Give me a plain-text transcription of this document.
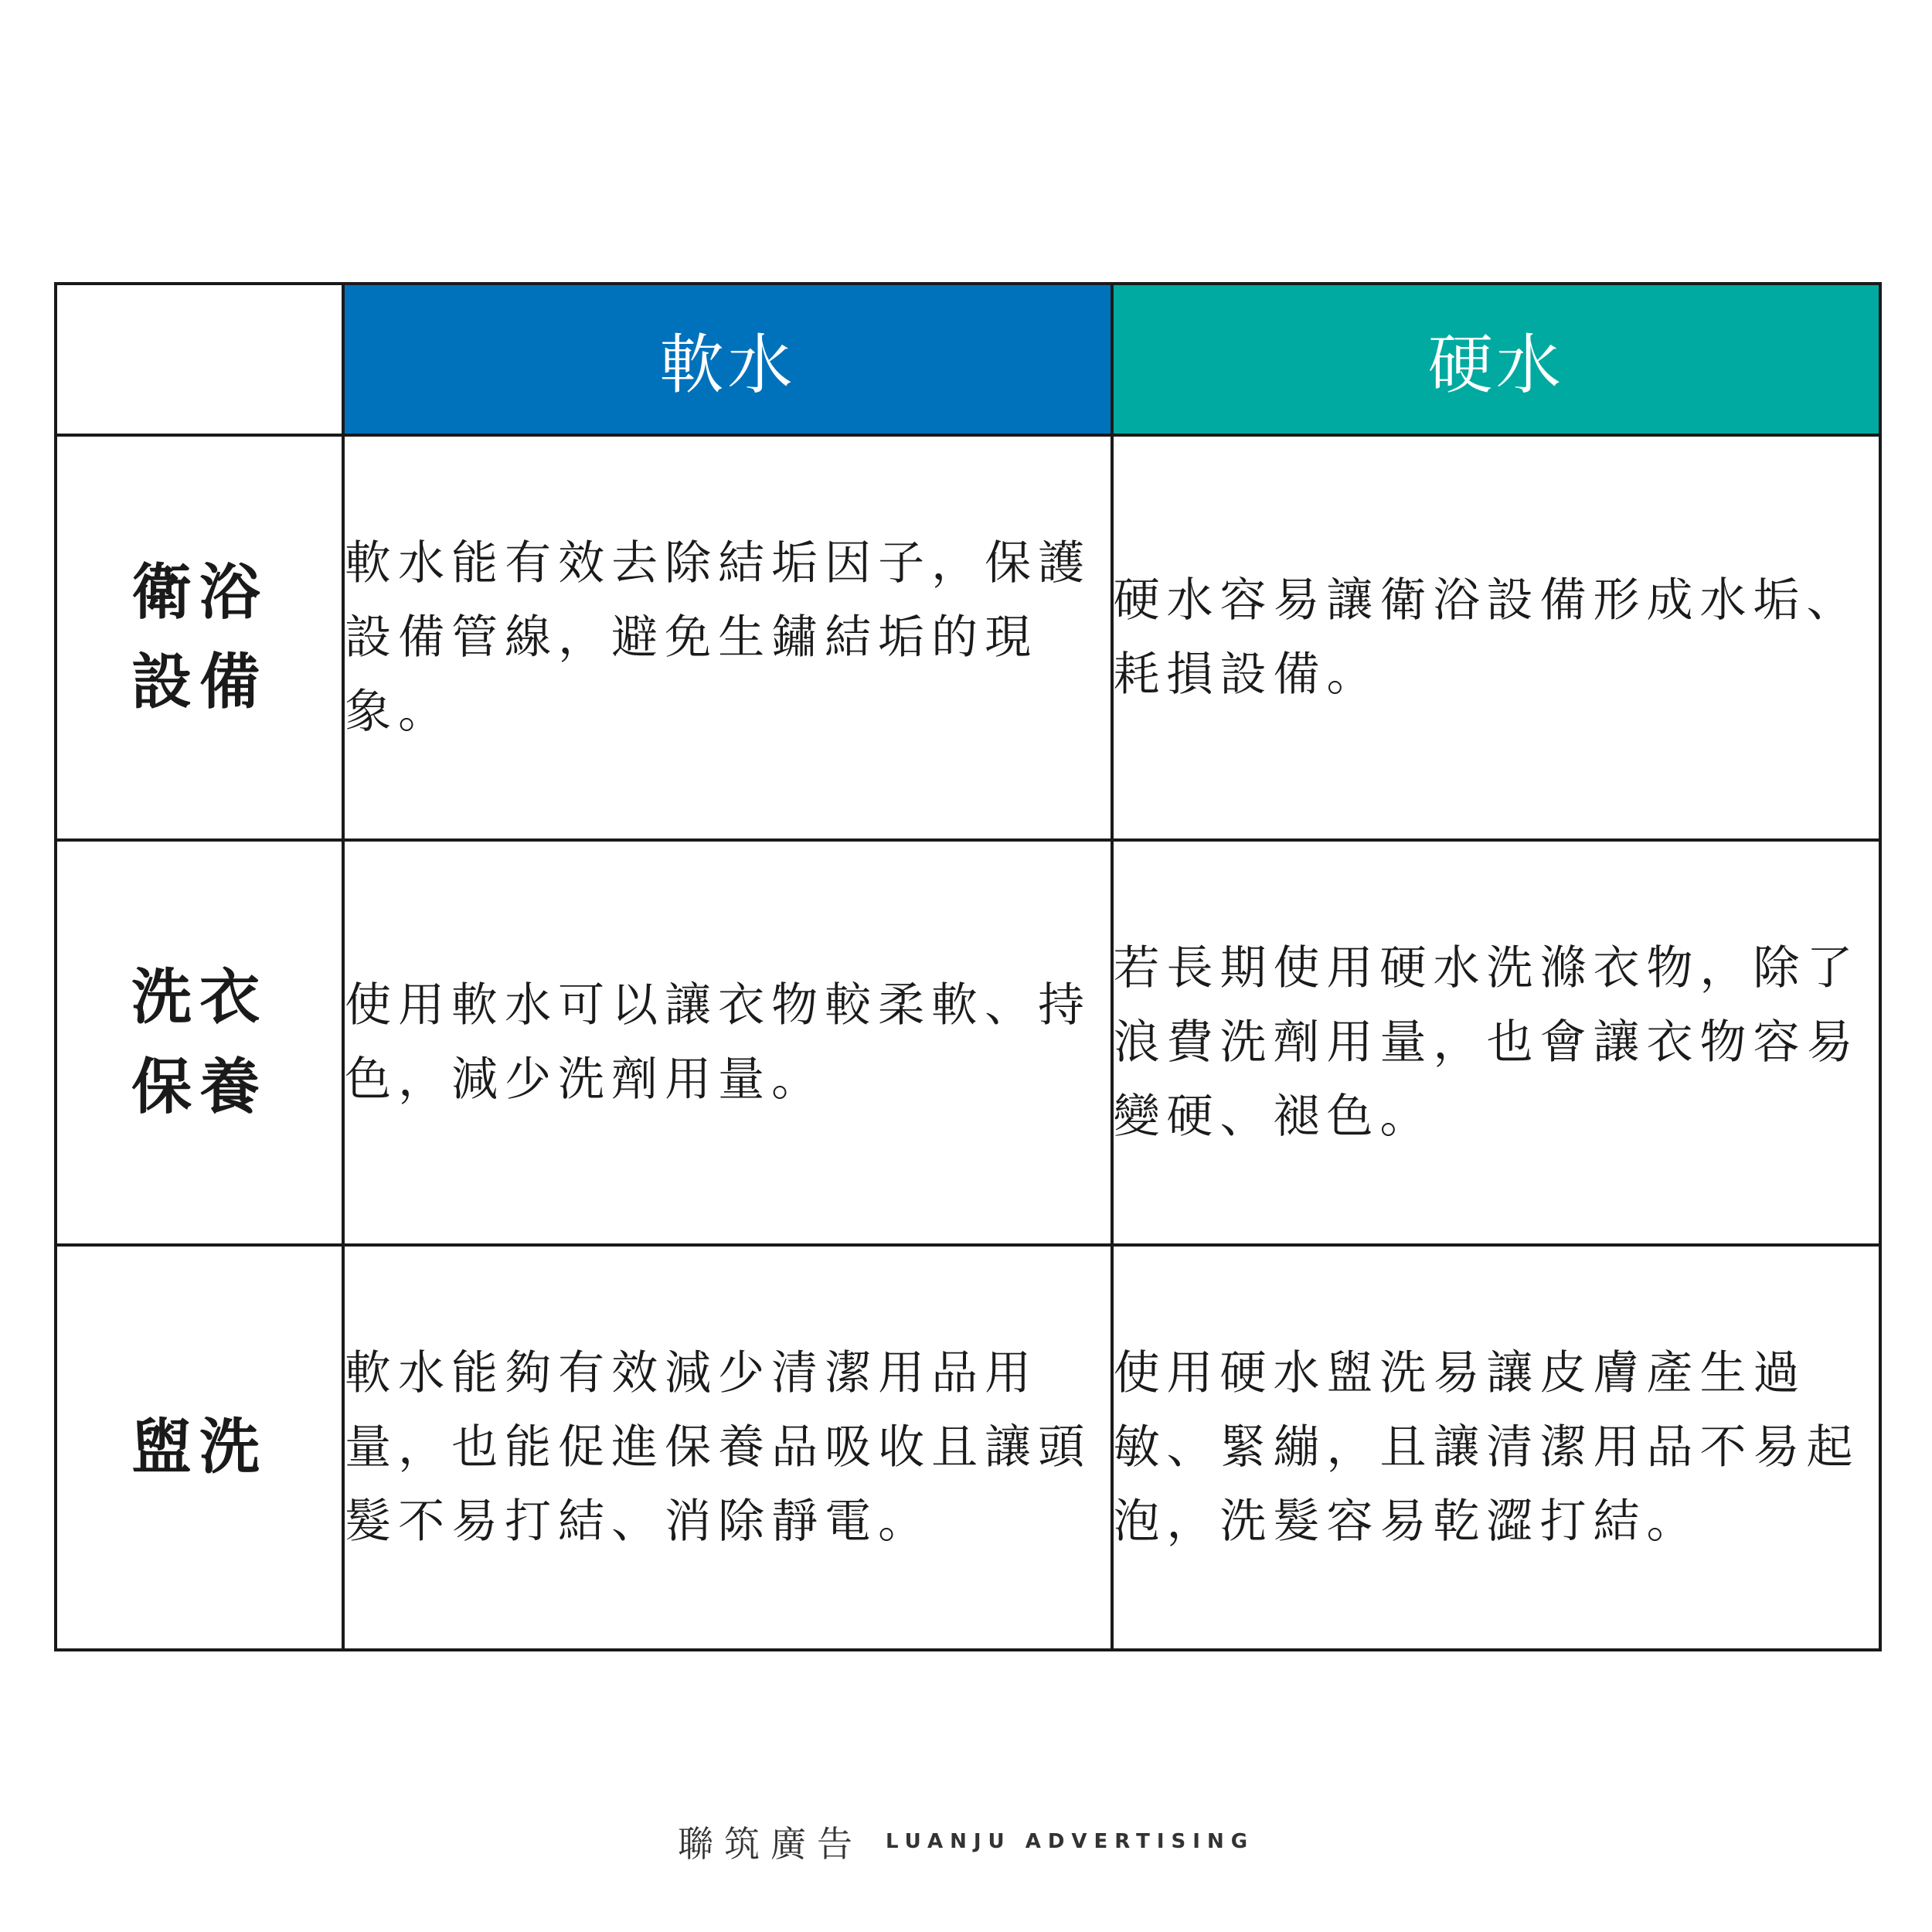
	軟水	硬水

衛浴
設備	軟水能有效去除結垢因子，保護設備管線，避免生鏽結垢的現象。	硬水容易讓衛浴設備形成水垢、耗損設備。

洗衣
保養	使用軟水可以讓衣物較柔軟、持色，減少洗劑用量。	若長期使用硬水洗滌衣物，除了浪費洗劑用量，也會讓衣物容易變硬、褪色。

盥洗	軟水能夠有效減少清潔用品用量，也能促進保養品吸收且讓頭髮不易打結、消除靜電。	使用硬水盥洗易讓皮膚產生過敏、緊繃，且讓清潔用品不易起泡，洗髮容易乾澀打結。
聯筑廣告 LUANJU ADVERTISING
